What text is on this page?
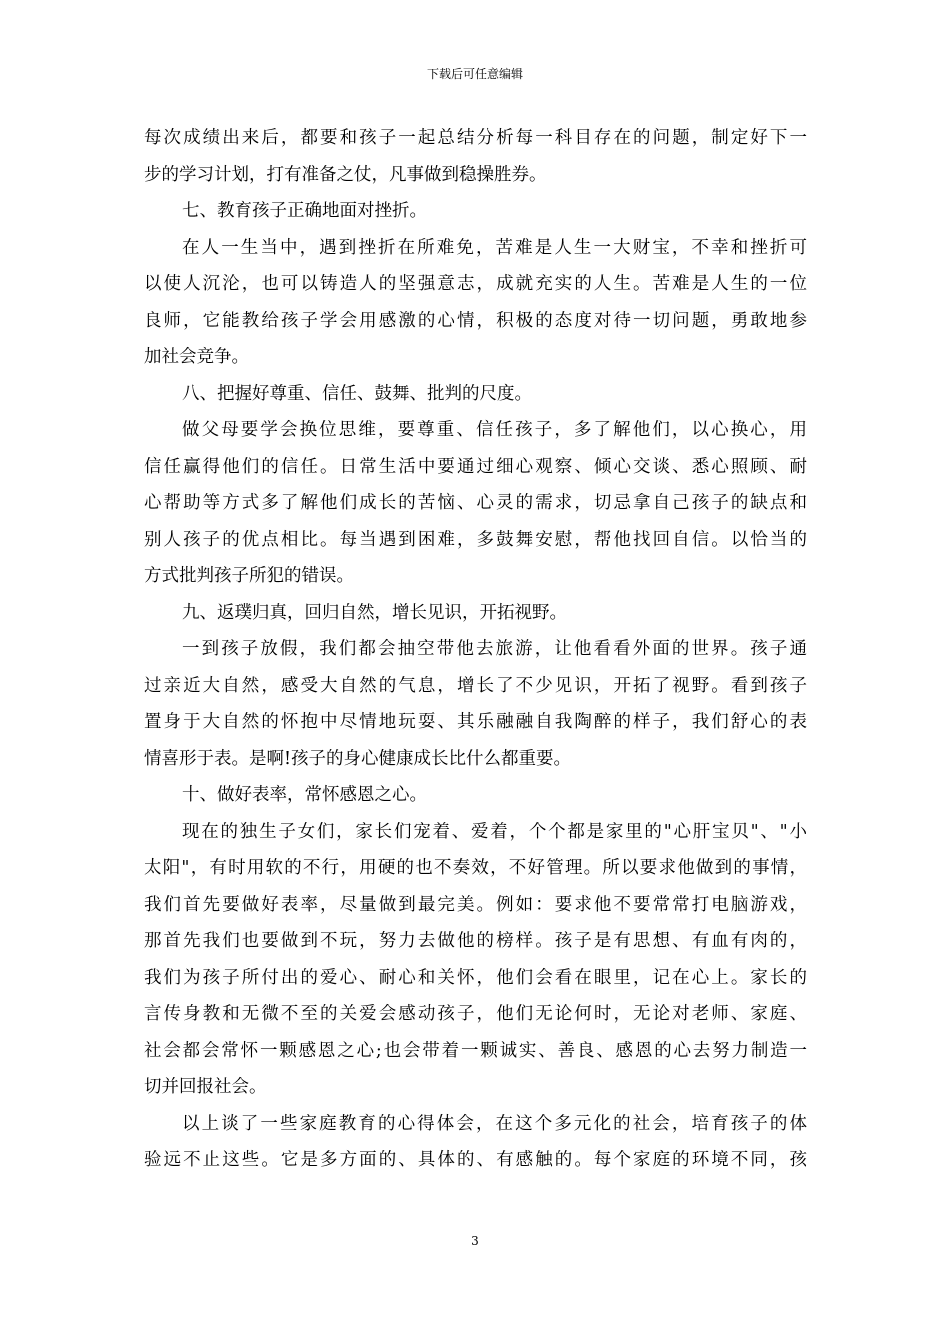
下载后可任意编辑
每次成绩出来后，都要和孩子一起总结分析每一科目存在的问题，制定好下一
步的学习计划，打有准备之仗，凡事做到稳操胜券。
七、教育孩子正确地面对挫折。
在人一生当中，遇到挫折在所难免，苦难是人生一大财宝，不幸和挫折可
以使人沉沦，也可以铸造人的坚强意志，成就充实的人生。苦难是人生的一位
良师，它能教给孩子学会用感激的心情，积极的态度对待一切问题，勇敢地参
加社会竞争。
八、把握好尊重、信任、鼓舞、批判的尺度。
做父母要学会换位思维，要尊重、信任孩子，多了解他们，以心换心，用
信任赢得他们的信任。日常生活中要通过细心观察、倾心交谈、悉心照顾、耐
心帮助等方式多了解他们成长的苦恼、心灵的需求，切忌拿自己孩子的缺点和
别人孩子的优点相比。每当遇到困难，多鼓舞安慰，帮他找回自信。以恰当的
方式批判孩子所犯的错误。
九、返璞归真，回归自然，增长见识，开拓视野。
一到孩子放假，我们都会抽空带他去旅游，让他看看外面的世界。孩子通
过亲近大自然，感受大自然的气息，增长了不少见识，开拓了视野。看到孩子
置身于大自然的怀抱中尽情地玩耍、其乐融融自我陶醉的样子，我们舒心的表
情喜形于表。是啊!孩子的身心健康成长比什么都重要。
十、做好表率，常怀感恩之心。
现在的独生子女们，家长们宠着、爱着，个个都是家里的"心肝宝贝"、"小
太阳"，有时用软的不行，用硬的也不奏效，不好管理。所以要求他做到的事情，
我们首先要做好表率，尽量做到最完美。例如：要求他不要常常打电脑游戏，
那首先我们也要做到不玩，努力去做他的榜样。孩子是有思想、有血有肉的，
我们为孩子所付出的爱心、耐心和关怀，他们会看在眼里，记在心上。家长的
言传身教和无微不至的关爱会感动孩子，他们无论何时，无论对老师、家庭、
社会都会常怀一颗感恩之心;也会带着一颗诚实、善良、感恩的心去努力制造一
切并回报社会。
以上谈了一些家庭教育的心得体会，在这个多元化的社会，培育孩子的体
验远不止这些。它是多方面的、具体的、有感触的。每个家庭的环境不同，孩
3
